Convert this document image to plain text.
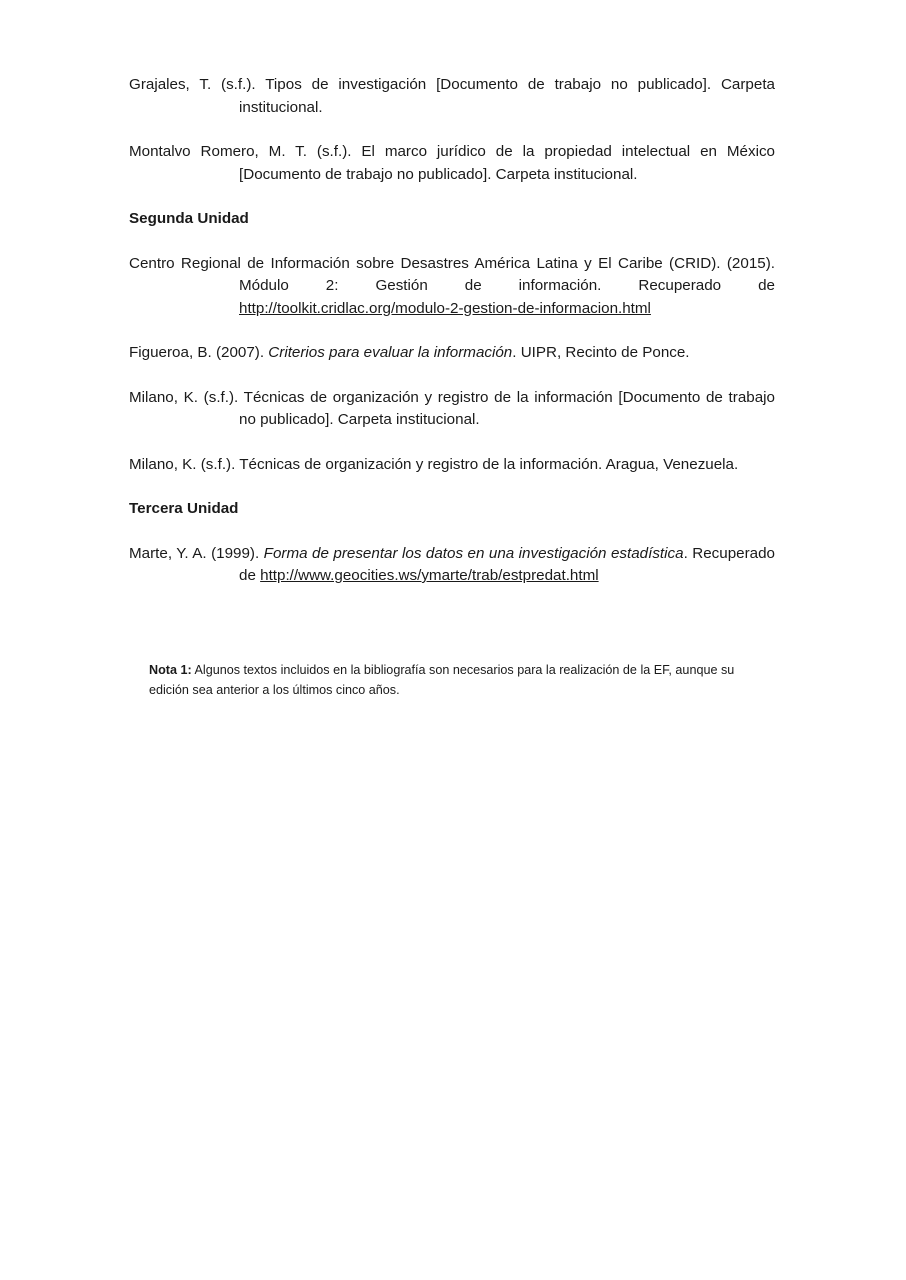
Grajales, T. (s.f.). Tipos de investigación [Documento de trabajo no publicado]. Carpeta institucional.

Montalvo Romero, M. T. (s.f.). El marco jurídico de la propiedad intelectual en México [Documento de trabajo no publicado]. Carpeta institucional.

Segunda Unidad

Centro Regional de Información sobre Desastres América Latina y El Caribe (CRID). (2015). Módulo 2: Gestión de información. Recuperado de http://toolkit.cridlac.org/modulo-2-gestion-de-informacion.html

Figueroa, B. (2007). Criterios para evaluar la información. UIPR, Recinto de Ponce.

Milano, K. (s.f.). Técnicas de organización y registro de la información [Documento de trabajo no publicado]. Carpeta institucional.

Milano, K. (s.f.). Técnicas de organización y registro de la información. Aragua, Venezuela.

Tercera Unidad

Marte, Y. A. (1999). Forma de presentar los datos en una investigación estadística. Recuperado de http://www.geocities.ws/ymarte/trab/estpredat.html

Nota 1: Algunos textos incluidos en la bibliografía son necesarios para la realización de la EF, aunque su edición sea anterior a los últimos cinco años.
